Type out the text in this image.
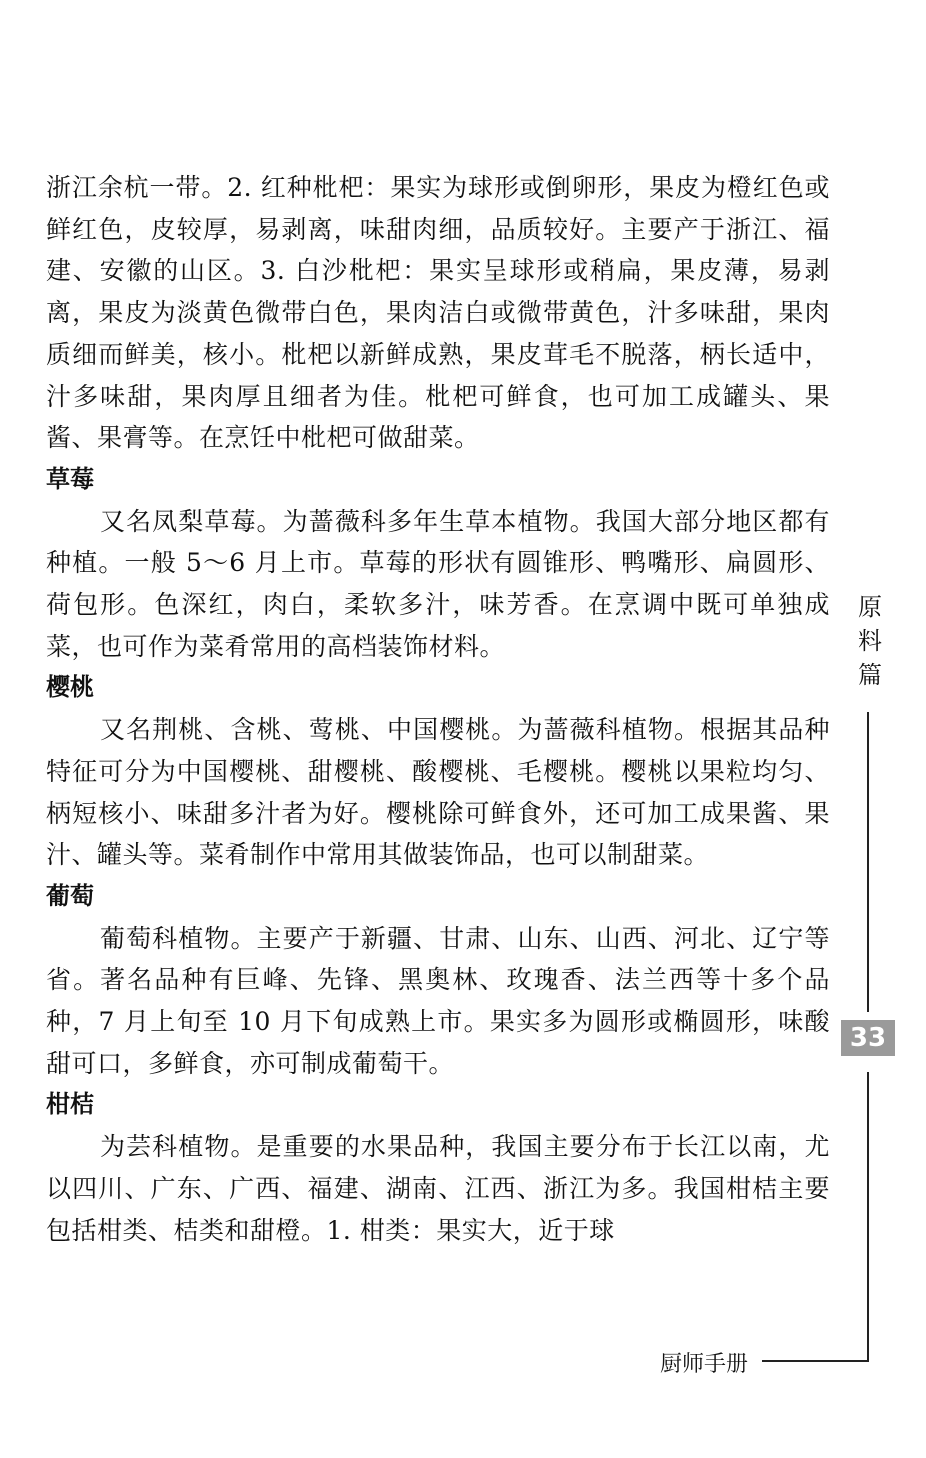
浙江余杭一带。2. 红种枇杷：果实为球形或倒卵形，果皮为橙红色或鲜红色，皮较厚，易剥离，味甜肉细，品质较好。主要产于浙江、福建、安徽的山区。3. 白沙枇杷：果实呈球形或稍扁，果皮薄，易剥离，果皮为淡黄色微带白色，果肉洁白或微带黄色，汁多味甜，果肉质细而鲜美，核小。枇杷以新鲜成熟，果皮茸毛不脱落，柄长适中，汁多味甜，果肉厚且细者为佳。枇杷可鲜食，也可加工成罐头、果酱、果膏等。在烹饪中枇杷可做甜菜。

草莓

又名凤梨草莓。为蔷薇科多年生草本植物。我国大部分地区都有种植。一般 5～6 月上市。草莓的形状有圆锥形、鸭嘴形、扁圆形、荷包形。色深红，肉白，柔软多汁，味芳香。在烹调中既可单独成菜，也可作为菜肴常用的高档装饰材料。

樱桃

又名荆桃、含桃、莺桃、中国樱桃。为蔷薇科植物。根据其品种特征可分为中国樱桃、甜樱桃、酸樱桃、毛樱桃。樱桃以果粒均匀、柄短核小、味甜多汁者为好。樱桃除可鲜食外，还可加工成果酱、果汁、罐头等。菜肴制作中常用其做装饰品，也可以制甜菜。

葡萄

葡萄科植物。主要产于新疆、甘肃、山东、山西、河北、辽宁等省。著名品种有巨峰、先锋、黑奥林、玫瑰香、法兰西等十多个品种，7 月上旬至 10 月下旬成熟上市。果实多为圆形或椭圆形，味酸甜可口，多鲜食，亦可制成葡萄干。

柑桔

为芸科植物。是重要的水果品种，我国主要分布于长江以南，尤以四川、广东、广西、福建、湖南、江西、浙江为多。我国柑桔主要包括柑类、桔类和甜橙。1. 柑类：果实大，近于球

原
料
篇
33
厨师手册
